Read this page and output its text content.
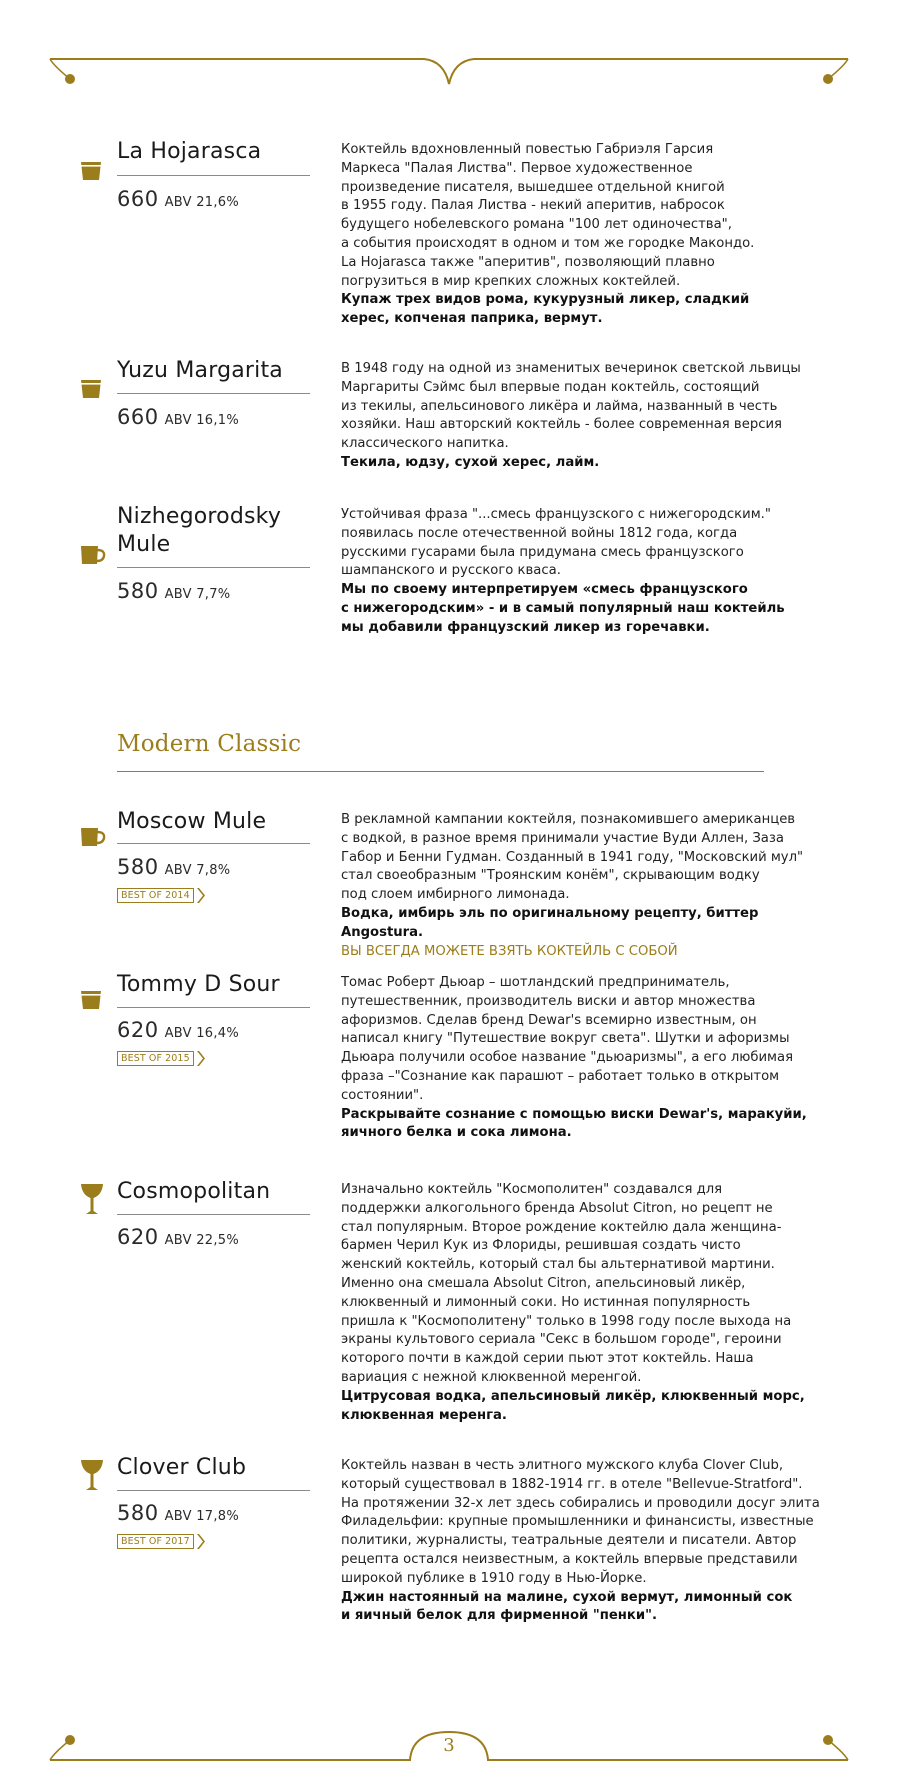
La Hojarasca
660 ABV 21,6%
Коктейль вдохновленный повестью Габриэля Гарсия
Маркеса "Палая Листва". Первое художественное
произведение писателя, вышедшее отдельной книгой
в 1955 году. Палая Листва - некий аперитив, набросок
будущего нобелевского романа "100 лет одиночества",
а события происходят в одном и том же городке Макондо.
La Hojarasca также "аперитив", позволяющий плавно
погрузиться в мир крепких сложных коктейлей.
Купаж трех видов рома, кукурузный ликер, сладкий
херес, копченая паприка, вермут.
Yuzu Margarita
660 ABV 16,1%
В 1948 году на одной из знаменитых вечеринок светской львицы
Маргариты Сэймс был впервые подан коктейль, состоящий
из текилы, апельсинового ликёра и лайма, названный в честь
хозяйки. Наш авторский коктейль - более современная версия
классического напитка.
Текила, юдзу, сухой херес, лайм.
Nizhegorodsky Mule
580 ABV 7,7%
Устойчивая фраза "...смесь французского с нижегородским."
появилась после отечественной войны 1812 года, когда
русскими гусарами была придумана смесь французского
шампанского и русского кваса.
Мы по своему интерпретируем «смесь французского
с нижегородским» - и в самый популярный наш коктейль
мы добавили французский ликер из горечавки.
Modern Classic
Moscow Mule
580 ABV 7,8%
BEST OF 2014
В рекламной кампании коктейля, познакомившего американцев
с водкой, в разное время принимали участие Вуди Аллен, Заза
Габор и Бенни Гудман. Созданный в 1941 году, "Московский мул"
стал своеобразным "Троянским конём", скрывающим водку
под слоем имбирного лимонада.
Водка, имбирь эль по оригинальному рецепту, биттер Angostura.
ВЫ ВСЕГДА МОЖЕТЕ ВЗЯТЬ КОКТЕЙЛЬ С СОБОЙ
Tommy D Sour
620 ABV 16,4%
BEST OF 2015
Томас Роберт Дьюар – шотландский предприниматель,
путешественник, производитель виски и автор множества
афоризмов. Сделав бренд Dewar's всемирно известным, он
написал книгу "Путешествие вокруг света". Шутки и афоризмы
Дьюара получили особое название "дьюаризмы", а его любимая
фраза –"Сознание как парашют – работает только в открытом
состоянии".
Раскрывайте сознание с помощью виски Dewar's, маракуйи,
яичного белка и сока лимона.
Cosmopolitan
620 ABV 22,5%
Изначально коктейль "Космополитен" создавался для
поддержки алкогольного бренда Absolut Citron, но рецепт не
стал популярным. Второе рождение коктейлю дала женщина-
бармен Черил Кук из Флориды, решившая создать чисто
женский коктейль, который стал бы альтернативой мартини.
Именно она смешала Absolut Citron, апельсиновый ликёр,
клюквенный и лимонный соки. Но истинная популярность
пришла к "Космополитену" только в 1998 году после выхода на
экраны культового сериала "Секс в большом городе", героини
которого почти в каждой серии пьют этот коктейль. Наша
вариация с нежной клюквенной меренгой.
Цитрусовая водка, апельсиновый ликёр, клюквенный морс,
клюквенная меренга.
Clover Club
580 ABV 17,8%
BEST OF 2017
Коктейль назван в честь элитного мужского клуба Clover Club,
который существовал в 1882-1914 гг. в отеле "Bellevue-Stratford".
На протяжении 32-х лет здесь собирались и проводили досуг элита
Филадельфии: крупные промышленники и финансисты, известные
политики, журналисты, театральные деятели и писатели. Автор
рецепта остался неизвестным, а коктейль впервые представили
широкой публике в 1910 году в Нью-Йорке.
Джин настоянный на малине, сухой вермут, лимонный сок
и яичный белок для фирменной "пенки".
3
